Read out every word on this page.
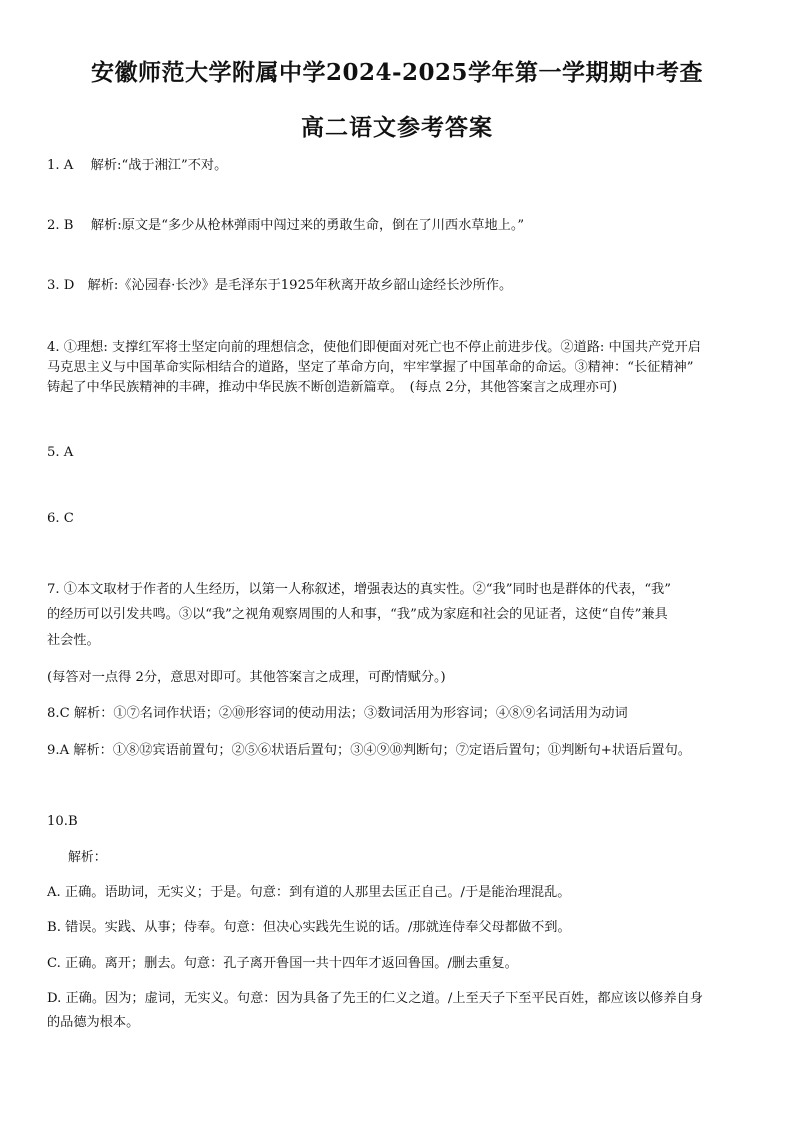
安徽师范大学附属中学2024-2025学年第一学期期中考查
高二语文参考答案
1. A　 解析:“战于湘江”不对。
2. B　 解析:原文是“多少从枪林弹雨中闯过来的勇敢生命，倒在了川西水草地上。”
3. D　解析:《沁园春·长沙》是毛泽东于1925年秋离开故乡韶山途经长沙所作。
4. ①理想: 支撑红军将士坚定向前的理想信念，使他们即便面对死亡也不停止前进步伐。②道路: 中国共产党开启
马克思主义与中国革命实际相结合的道路，坚定了革命方向，牢牢掌握了中国革命的命运。③精神：“长征精神”
铸起了中华民族精神的丰碑，推动中华民族不断创造新篇章。　(每点 2分，其他答案言之成理亦可)
5. A
6. C
7. ①本文取材于作者的人生经历，以第一人称叙述，增强表达的真实性。②“我”同时也是群体的代表，“我”
的经历可以引发共鸣。③以“我”之视角观察周围的人和事，“我”成为家庭和社会的见证者，这使“自传”兼具
社会性。
(每答对一点得 2分，意思对即可。其他答案言之成理，可酌情赋分。)
8.C 解析：①⑦名词作状语；②⑩形容词的使动用法；③数词活用为形容词；④⑧⑨名词活用为动词
9.A 解析：①⑧⑫宾语前置句；②⑤⑥状语后置句；③④⑨⑩判断句；⑦定语后置句；⑪判断句+状语后置句。
10.B
解析：
A. 正确。语助词，无实义；于是。句意：到有道的人那里去匡正自己。/于是能治理混乱。
B. 错误。实践、从事；侍奉。句意：但决心实践先生说的话。/那就连侍奉父母都做不到。
C. 正确。离开；删去。句意：孔子离开鲁国一共十四年才返回鲁国。/删去重复。
D. 正确。因为；虚词，无实义。句意：因为具备了先王的仁义之道。/上至天子下至平民百姓，都应该以修养自身
的品德为根本。
